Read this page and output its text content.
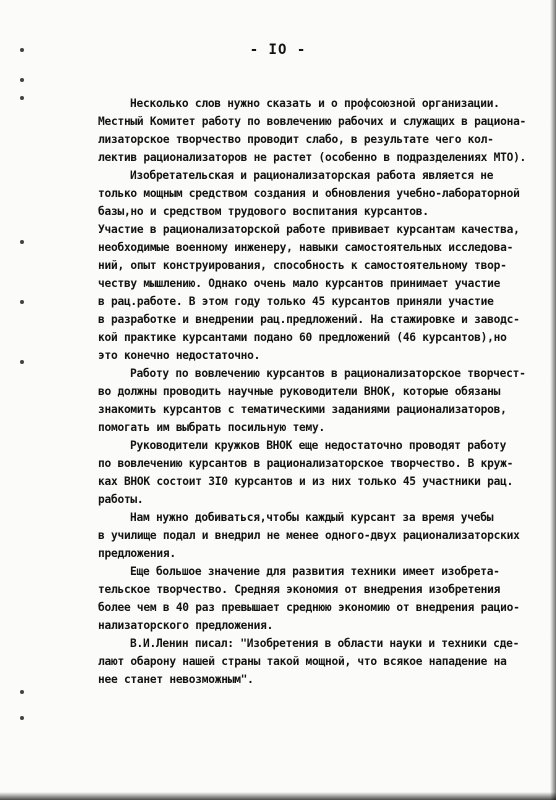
- IO -
Несколько слов нужно сказать и о профсоюзной организации.
Местный Комитет работу по вовлечению рабочих и служащих в рациона-
лизаторское творчество проводит слабо, в результате чего кол-
лектив рационализаторов не растет (особенно в подразделениях МТО).
Изобретательская и рационализаторская работа является не
только мощным средством создания и обновления учебно-лабораторной
базы,но и средством трудового воспитания курсантов.
Участие в рационализаторской работе прививает курсантам качества,
необходимые военному инженеру, навыки самостоятельных исследова-
ний, опыт конструирования, способность к самостоятельному твор-
честву мышлению. Однако очень мало курсантов принимает участие
в рац.работе. В этом году только 45 курсантов приняли участие
в разработке и внедрении рац.предложений. На стажировке и заводс-
кой практике курсантами подано 60 предложений (46 курсантов),но
это конечно недостаточно.
Работу по вовлечению курсантов в рационализаторское творчест-
во должны проводить научные руководители ВНОК, которые обязаны
знакомить курсантов с тематическими заданиями рационализаторов,
помогать им выбрать посильную тему.
Руководители кружков ВНОК еще недостаточно проводят работу
по вовлечению курсантов в рационализаторское творчество. В круж-
ках ВНОК состоит 3I0 курсантов и из них только 45 участники рац.
работы.
Нам нужно добиваться,чтобы каждый курсант за время учебы
в училище подал и внедрил не менее одного-двух рационализаторских
предложения.
Еще большое значение для развития техники имеет изобрета-
тельское творчество. Средняя экономия от внедрения изобретения
более чем в 40 раз превышает среднюю экономию от внедрения рацио-
нализаторского предложения.
В.И.Ленин писал: "Изобретения в области науки и техники сде-
лают обарону нашей страны такой мощной, что всякое нападение на
нее станет невозможным".
